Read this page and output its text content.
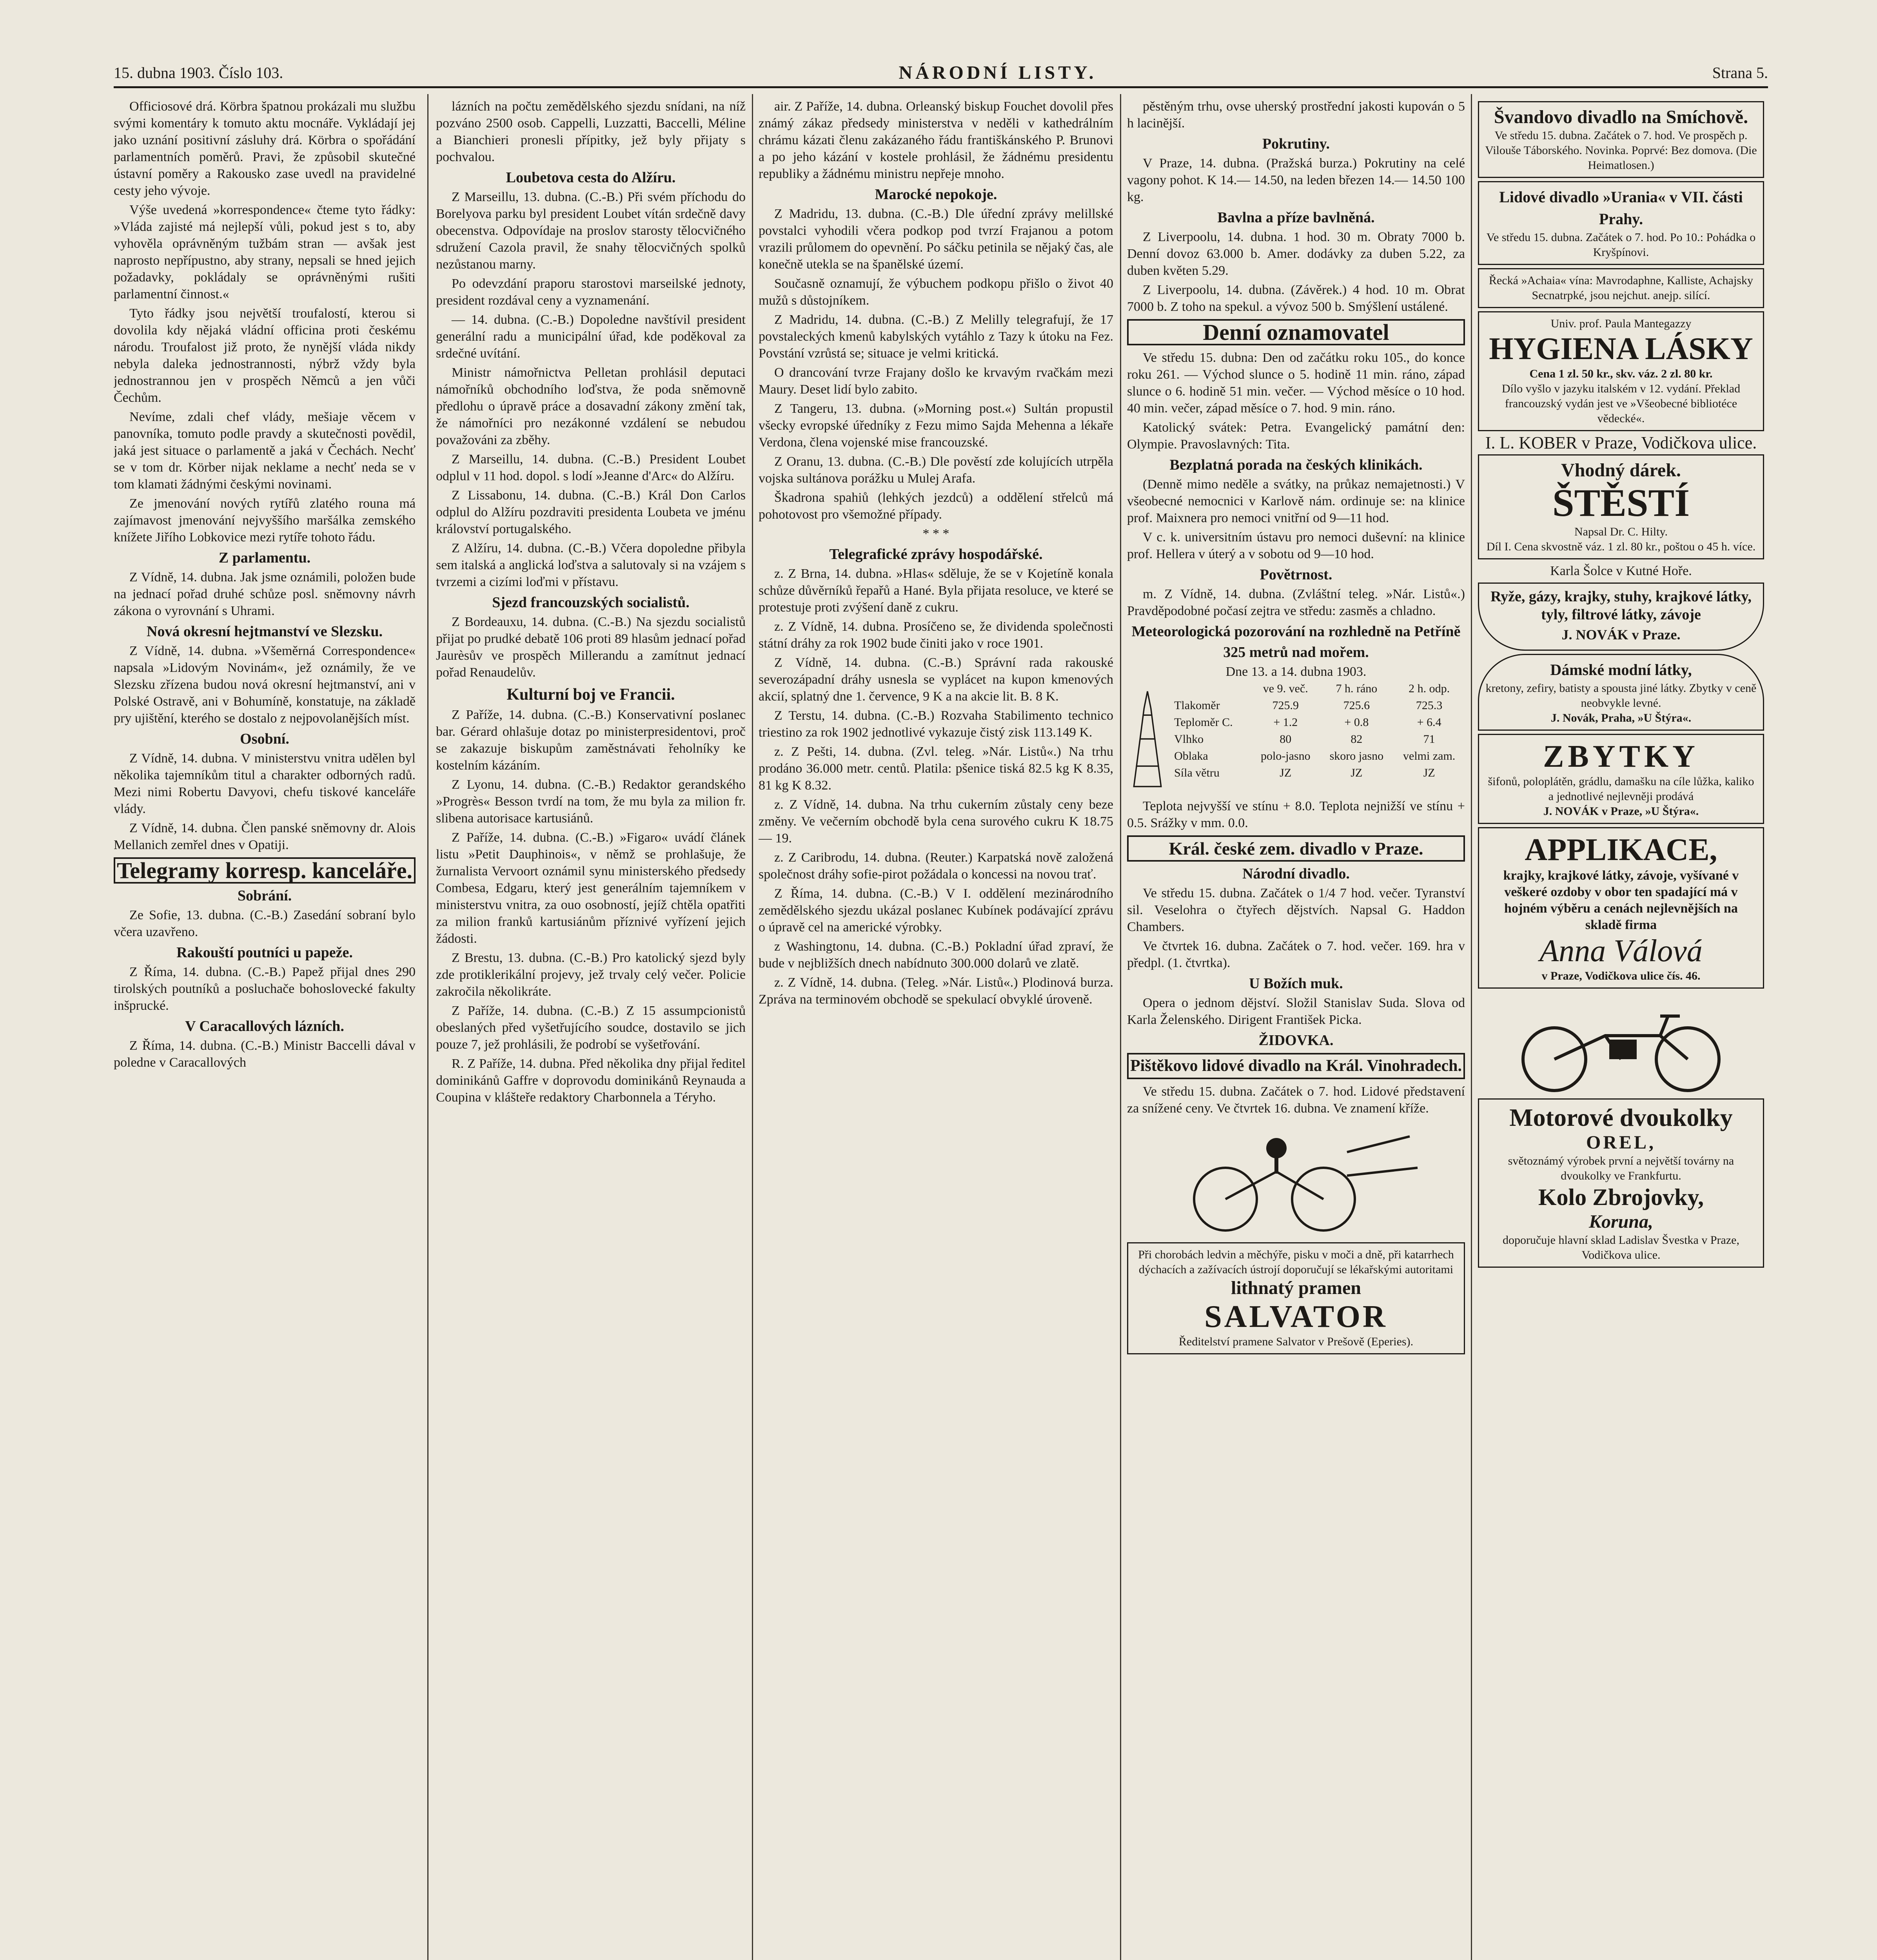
15. dubna 1903. Číslo 103.	NÁRODNÍ LISTY.	Strana 5.

Officiosové drá. Körbra špatnou prokázali mu službu svými komentáry k tomuto aktu mocnáře. Vykládají jej jako uznání positivní zásluhy drá. Körbra o spořádání parlamentních poměrů. Pravi, že způsobil skutečné ústavní poměry a Rakousko zase uvedl na pravidelné cesty jeho vývoje.

Výše uvedená »korrespondence« čteme tyto řádky: »Vláda zajisté má nejlepší vůli, pokud jest s to, aby vyhověla oprávněným tužbám stran — avšak jest naprosto nepřípustno, aby strany, nepsali se hned jejich požadavky, pokládaly se oprávněnými rušiti parlamentní činnost.«

Tyto řádky jsou největší troufalostí, kterou si dovolila kdy nějaká vládní officina proti českému národu. Troufalost již proto, že nynější vláda nikdy nebyla daleka jednostrannosti, nýbrž vždy byla jednostrannou jen v prospěch Němců a jen vůči Čechům.

Nevíme, zdali chef vlády, mešiaje věcem v panovníka, tomuto podle pravdy a skutečnosti povědil, jaká jest situace o parlamentě a jaká v Čechách. Nechť se v tom dr. Körber nijak neklame a nechť neda se v tom klamati žádnými českými novinami.

Ze jmenování nových rytířů zlatého rouna má zajímavost jmenování nejvyššího maršálka zemského knížete Jiřího Lobkovice mezi rytíře tohoto řádu.

Z parlamentu.

Z Vídně, 14. dubna. Jak jsme oznámili, položen bude na jednací pořad druhé schůze posl. sněmovny návrh zákona o vyrovnání s Uhrami.

Nová okresní hejtmanství ve Slezsku.

Z Vídně, 14. dubna. »Všeměrná Correspondence« napsala »Lidovým Novinám«, jež oznámily, že ve Slezsku zřízena budou nová okresní hejtmanství, ani v Polské Ostravě, ani v Bohumíně, konstatuje, na základě pry ujištění, kterého se dostalo z nejpovolanějších míst.

Osobní.

Z Vídně, 14. dubna. V ministerstvu vnitra udělen byl několika tajemníkům titul a charakter odborných radů. Mezi nimi Robertu Davyovi, chefu tiskové kanceláře vlády.

Z Vídně, 14. dubna. Člen panské sněmovny dr. Alois Mellanich zemřel dnes v Opatiji.

Telegramy korresp. kanceláře.
Sobrání.

Ze Sofie, 13. dubna. (C.-B.) Zasedání sobraní bylo včera uzavřeno.

Rakouští poutníci u papeže.

Z Říma, 14. dubna. (C.-B.) Papež přijal dnes 290 tirolských poutníků a posluchače bohoslovecké fakulty inšprucké.

V Caracallových lázních.

Z Říma, 14. dubna. (C.-B.) Ministr Baccelli dával v poledne v Caracallových

lázních na počtu zemědělského sjezdu snídani, na níž pozváno 2500 osob. Cappelli, Luzzatti, Baccelli, Méline a Bianchieri pronesli přípitky, jež byly přijaty s pochvalou.

Loubetova cesta do Alžíru.

Z Marseillu, 13. dubna. (C.-B.) Při svém příchodu do Borelyova parku byl president Loubet vítán srdečně davy obecenstva. Odpovídaje na proslov starosty tělocvičného sdružení Cazola pravil, že snahy tělocvičných spolků nezůstanou marny.

Po odevzdání praporu starostovi marseilské jednoty, president rozdával ceny a vyznamenání.

— 14. dubna. (C.-B.) Dopoledne navštívil president generální radu a municipální úřad, kde poděkoval za srdečné uvítání.

Ministr námořnictva Pelletan prohlásil deputaci námořníků obchodního loďstva, že poda sněmovně předlohu o úpravě práce a dosavadní zákony změní tak, že námořníci pro nezákonné vzdálení se nebudou považováni za zběhy.

Z Marseillu, 14. dubna. (C.-B.) President Loubet odplul v 11 hod. dopol. s lodí »Jeanne d'Arc« do Alžíru.

Z Lissabonu, 14. dubna. (C.-B.) Král Don Carlos odplul do Alžíru pozdraviti presidenta Loubeta ve jménu království portugalského.

Z Alžíru, 14. dubna. (C.-B.) Včera dopoledne přibyla sem italská a anglická loďstva a salutovaly si na vzájem s tvrzemi a cizími loďmi v přístavu.

Sjezd francouzských socialistů.

Z Bordeauxu, 14. dubna. (C.-B.) Na sjezdu socialistů přijat po prudké debatě 106 proti 89 hlasům jednací pořad Jaurèsův ve prospěch Millerandu a zamítnut jednací pořad Renaudelův.

Kulturní boj ve Francii.

Z Paříže, 14. dubna. (C.-B.) Konservativní poslanec bar. Gérard ohlašuje dotaz po ministerpresidentovi, proč se zakazuje biskupům zaměstnávati řeholníky ke kostelním kázáním.

Z Lyonu, 14. dubna. (C.-B.) Redaktor gerandského »Progrès« Besson tvrdí na tom, že mu byla za milion fr. slibena autorisace kartusiánů.

Z Paříže, 14. dubna. (C.-B.) »Figaro« uvádí článek listu »Petit Dauphinois«, v němž se prohlašuje, že žurnalista Vervoort oznámil synu ministerského předsedy Combesa, Edgaru, který jest generálním tajemníkem v ministerstvu vnitra, za ouo osobností, jejíž chtěla opatřiti za milion franků kartusiánům příznivé vyřízení jejich žádosti.

Z Brestu, 13. dubna. (C.-B.) Pro katolický sjezd byly zde protiklerikální projevy, jež trvaly celý večer. Policie zakročila několikráte.

Z Paříže, 14. dubna. (C.-B.) Z 15 assumpcionistů obeslaných před vyšetřujícího soudce, dostavilo se jich pouze 7, jež prohlásili, že podrobí se vyšetřování.

R. Z Paříže, 14. dubna. Před několika dny přijal ředitel dominikánů Gaffre v doprovodu dominikánů Reynauda a Coupina v klášteře redaktory Charbonnela a Téryho.

air. Z Paříže, 14. dubna. Orleanský biskup Fouchet dovolil přes známý zákaz předsedy ministerstva v neděli v kathedrálním chrámu kázati členu zakázaného řádu františkánského P. Brunovi a po jeho kázání v kostele prohlásil, že žádnému presidentu republiky a žádnému ministru nepřeje mnoho.

Marocké nepokoje.

Z Madridu, 13. dubna. (C.-B.) Dle úřední zprávy melillské povstalci vyhodili včera podkop pod tvrzí Frajanou a potom vrazili průlomem do opevnění. Po sáčku petinila se nějaký čas, ale konečně utekla se na španělské území.

Současně oznamují, že výbuchem podkopu přišlo o život 40 mužů s důstojníkem.

Z Madridu, 14. dubna. (C.-B.) Z Melilly telegrafují, že 17 povstaleckých kmenů kabylských vytáhlo z Tazy k útoku na Fez. Povstání vzrůstá se; situace je velmi kritická.

O drancování tvrze Frajany došlo ke krvavým rvačkám mezi Maury. Deset lidí bylo zabito.

Z Tangeru, 13. dubna. (»Morning post.«) Sultán propustil všecky evropské úředníky z Fezu mimo Sajda Mehenna a lékaře Verdona, člena vojenské mise francouzské.

Z Oranu, 13. dubna. (C.-B.) Dle pověstí zde kolujících utrpěla vojska sultánova porážku u Mulej Arafa.

Škadrona spahiů (lehkých jezdců) a oddělení střelců má pohotovost pro všemožné případy.

* * *
Telegrafické zprávy hospodářské.

z. Z Brna, 14. dubna. »Hlas« sděluje, že se v Kojetíně konala schůze důvěrníků řepařů a Hané. Byla přijata resoluce, ve které se protestuje proti zvýšení daně z cukru.

z. Z Vídně, 14. dubna. Prosíčeno se, že dividenda společnosti státní dráhy za rok 1902 bude činiti jako v roce 1901.

Z Vídně, 14. dubna. (C.-B.) Správní rada rakouské severozápadní dráhy usnesla se vyplácet na kupon kmenových akcií, splatný dne 1. července, 9 K a na akcie lit. B. 8 K.

Z Terstu, 14. dubna. (C.-B.) Rozvaha Stabilimento technico triestino za rok 1902 jednotlivé vykazuje čistý zisk 113.149 K.

z. Z Pešti, 14. dubna. (Zvl. teleg. »Nár. Listů«.) Na trhu prodáno 36.000 metr. centů. Platila: pšenice tiská 82.5 kg K 8.35, 81 kg K 8.32.

z. Z Vídně, 14. dubna. Na trhu cukerním zůstaly ceny beze změny. Ve večerním obchodě byla cena surového cukru K 18.75 — 19.

z. Z Caribrodu, 14. dubna. (Reuter.) Karpatská nově založená společnost dráhy sofie-pirot požádala o koncessi na novou trať.

Z Říma, 14. dubna. (C.-B.) V I. oddělení mezinárodního zemědělského sjezdu ukázal poslanec Kubínek podávající zprávu o úpravě cel na americké výrobky.

z Washingtonu, 14. dubna. (C.-B.) Pokladní úřad zpraví, že bude v nejbližších dnech nabídnuto 300.000 dolarů ve zlatě.

z. Z Vídně, 14. dubna. (Teleg. »Nár. Listů«.) Plodinová burza. Zpráva na terminovém obchodě se spekulací obvyklé úroveně.

pěstěným trhu, ovse uherský prostřední jakosti kupován o 5 h lacinější.

Pokrutiny.

V Praze, 14. dubna. (Pražská burza.) Pokrutiny na celé vagony pohot. K 14.— 14.50, na leden březen 14.— 14.50 100 kg.

Bavlna a příze bavlněná.

Z Liverpoolu, 14. dubna. 1 hod. 30 m. Obraty 7000 b. Denní dovoz 63.000 b. Amer. dodávky za duben 5.22, za duben květen 5.29.

Z Liverpoolu, 14. dubna. (Závěrek.) 4 hod. 10 m. Obrat 7000 b. Z toho na spekul. a vývoz 500 b. Smýšlení ustálené.

Denní oznamovatel

Ve středu 15. dubna: Den od začátku roku 105., do konce roku 261. — Východ slunce o 5. hodině 11 min. ráno, západ slunce o 6. hodině 51 min. večer. — Východ měsíce o 10 hod. 40 min. večer, západ měsíce o 7. hod. 9 min. ráno.

Katolický svátek: Petra. Evangelický památní den: Olympie. Pravoslavných: Tita.

Bezplatná porada na českých klinikách.

(Denně mimo neděle a svátky, na průkaz nemajetnosti.) V všeobecné nemocnici v Karlově nám. ordinuje se: na klinice prof. Maixnera pro nemoci vnitřní od 9—11 hod.

V c. k. universitním ústavu pro nemoci duševní: na klinice prof. Hellera v úterý a v sobotu od 9—10 hod.

Povětrnost.

m. Z Vídně, 14. dubna. (Zvláštní teleg. »Nár. Listů«.) Pravděpodobné počasí zejtra ve středu: zasměs a chladno.

Meteorologická pozorování na rozhledně na Petříně
325 metrů nad mořem.
Dne 13. a 14. dubna 1903.
	ve 9. več.	7 h. ráno	2 h. odp.
Tlakoměr	725.9	725.6	725.3
Teploměr C.	+ 1.2	+ 0.8	+ 6.4
Vlhko	80	82	71
Oblaka	polo-jasno	skoro jasno	velmi zam.
Síla větru	JZ	JZ	JZ

Teplota nejvyšší ve stínu + 8.0. Teplota nejnižší ve stínu + 0.5. Srážky v mm. 0.0.

Král. české zem. divadlo v Praze.
Národní divadlo.

Ve středu 15. dubna. Začátek o 1/4 7 hod. večer. Tyranství sil. Veselohra o čtyřech dějstvích. Napsal G. Haddon Chambers.

Ve čtvrtek 16. dubna. Začátek o 7. hod. večer. 169. hra v předpl. (1. čtvrtka).

U Božích muk.

Opera o jednom dějství. Složil Stanislav Suda. Slova od Karla Želenského. Dirigent František Picka.

ŽIDOVKA.
Pištěkovo lidové divadlo na Král. Vinohradech.

Ve středu 15. dubna. Začátek o 7. hod. Lidové představení za snížené ceny. Ve čtvrtek 16. dubna. Ve znamení kříže.

Při chorobách ledvin a měchýře, pisku v moči a dně, při katarrhech dýchacích a zažívacích ústrojí doporučují se lékařskými autoritami
lithnatý pramen
SALVATOR
Ředitelství pramene Salvator v Prešově (Eperies).
Švandovo divadlo na Smíchově.
Ve středu 15. dubna. Začátek o 7. hod. Ve prospěch p. Vilouše Táborského. Novinka. Poprvé: Bez domova. (Die Heimatlosen.)
Lidové divadlo »Urania« v VII. části Prahy.
Ve středu 15. dubna. Začátek o 7. hod. Po 10.: Pohádka o Kryšpínovi.
Řecká »Achaia« vína: Mavrodaphne, Kalliste, Achajsky Secnatrpké, jsou nejchut. anejp. silící.
Univ. prof. Paula Mantegazzy
HYGIENA LÁSKY
Cena 1 zl. 50 kr., skv. váz. 2 zl. 80 kr.
Dílo vyšlo v jazyku italském v 12. vydání. Překlad francouzský vydán jest ve »Všeobecné bibliotéce vědecké«.
I. L. KOBER v Praze, Vodičkova ulice.
Vhodný dárek.
ŠTĚSTÍ
Napsal Dr. C. Hilty.
Díl I. Cena skvostně váz. 1 zl. 80 kr., poštou o 45 h. více.
Karla Šolce v Kutné Hoře.
Ryže, gázy, krajky, stuhy, krajkové látky, tyly, filtrové látky, závoje
J. NOVÁK v Praze.
Dámské modní látky,
kretony, zefiry, batisty a spousta jiné látky. Zbytky v ceně neobvykle levné.
J. Novák, Praha, »U Štýra«.
ZBYTKY
šifonů, poloplátěn, grádlu, damašku na cíle lůžka, kaliko a jednotlivé nejlevněji prodává
J. NOVÁK v Praze, »U Štýra«.
APPLIKACE,
krajky, krajkové látky, závoje, vyšívané v veškeré ozdoby v obor ten spadající má v hojném výběru a cenách nejlevnějších na skladě firma
Anna Válová
v Praze, Vodičkova ulice čís. 46.
Motorové dvoukolky
OREL,
světoznámý výrobek první a největší továrny na dvoukolky ve Frankfurtu.
Kolo Zbrojovky,
Koruna,
doporučuje hlavní sklad Ladislav Švestka v Praze, Vodičkova ulice.
